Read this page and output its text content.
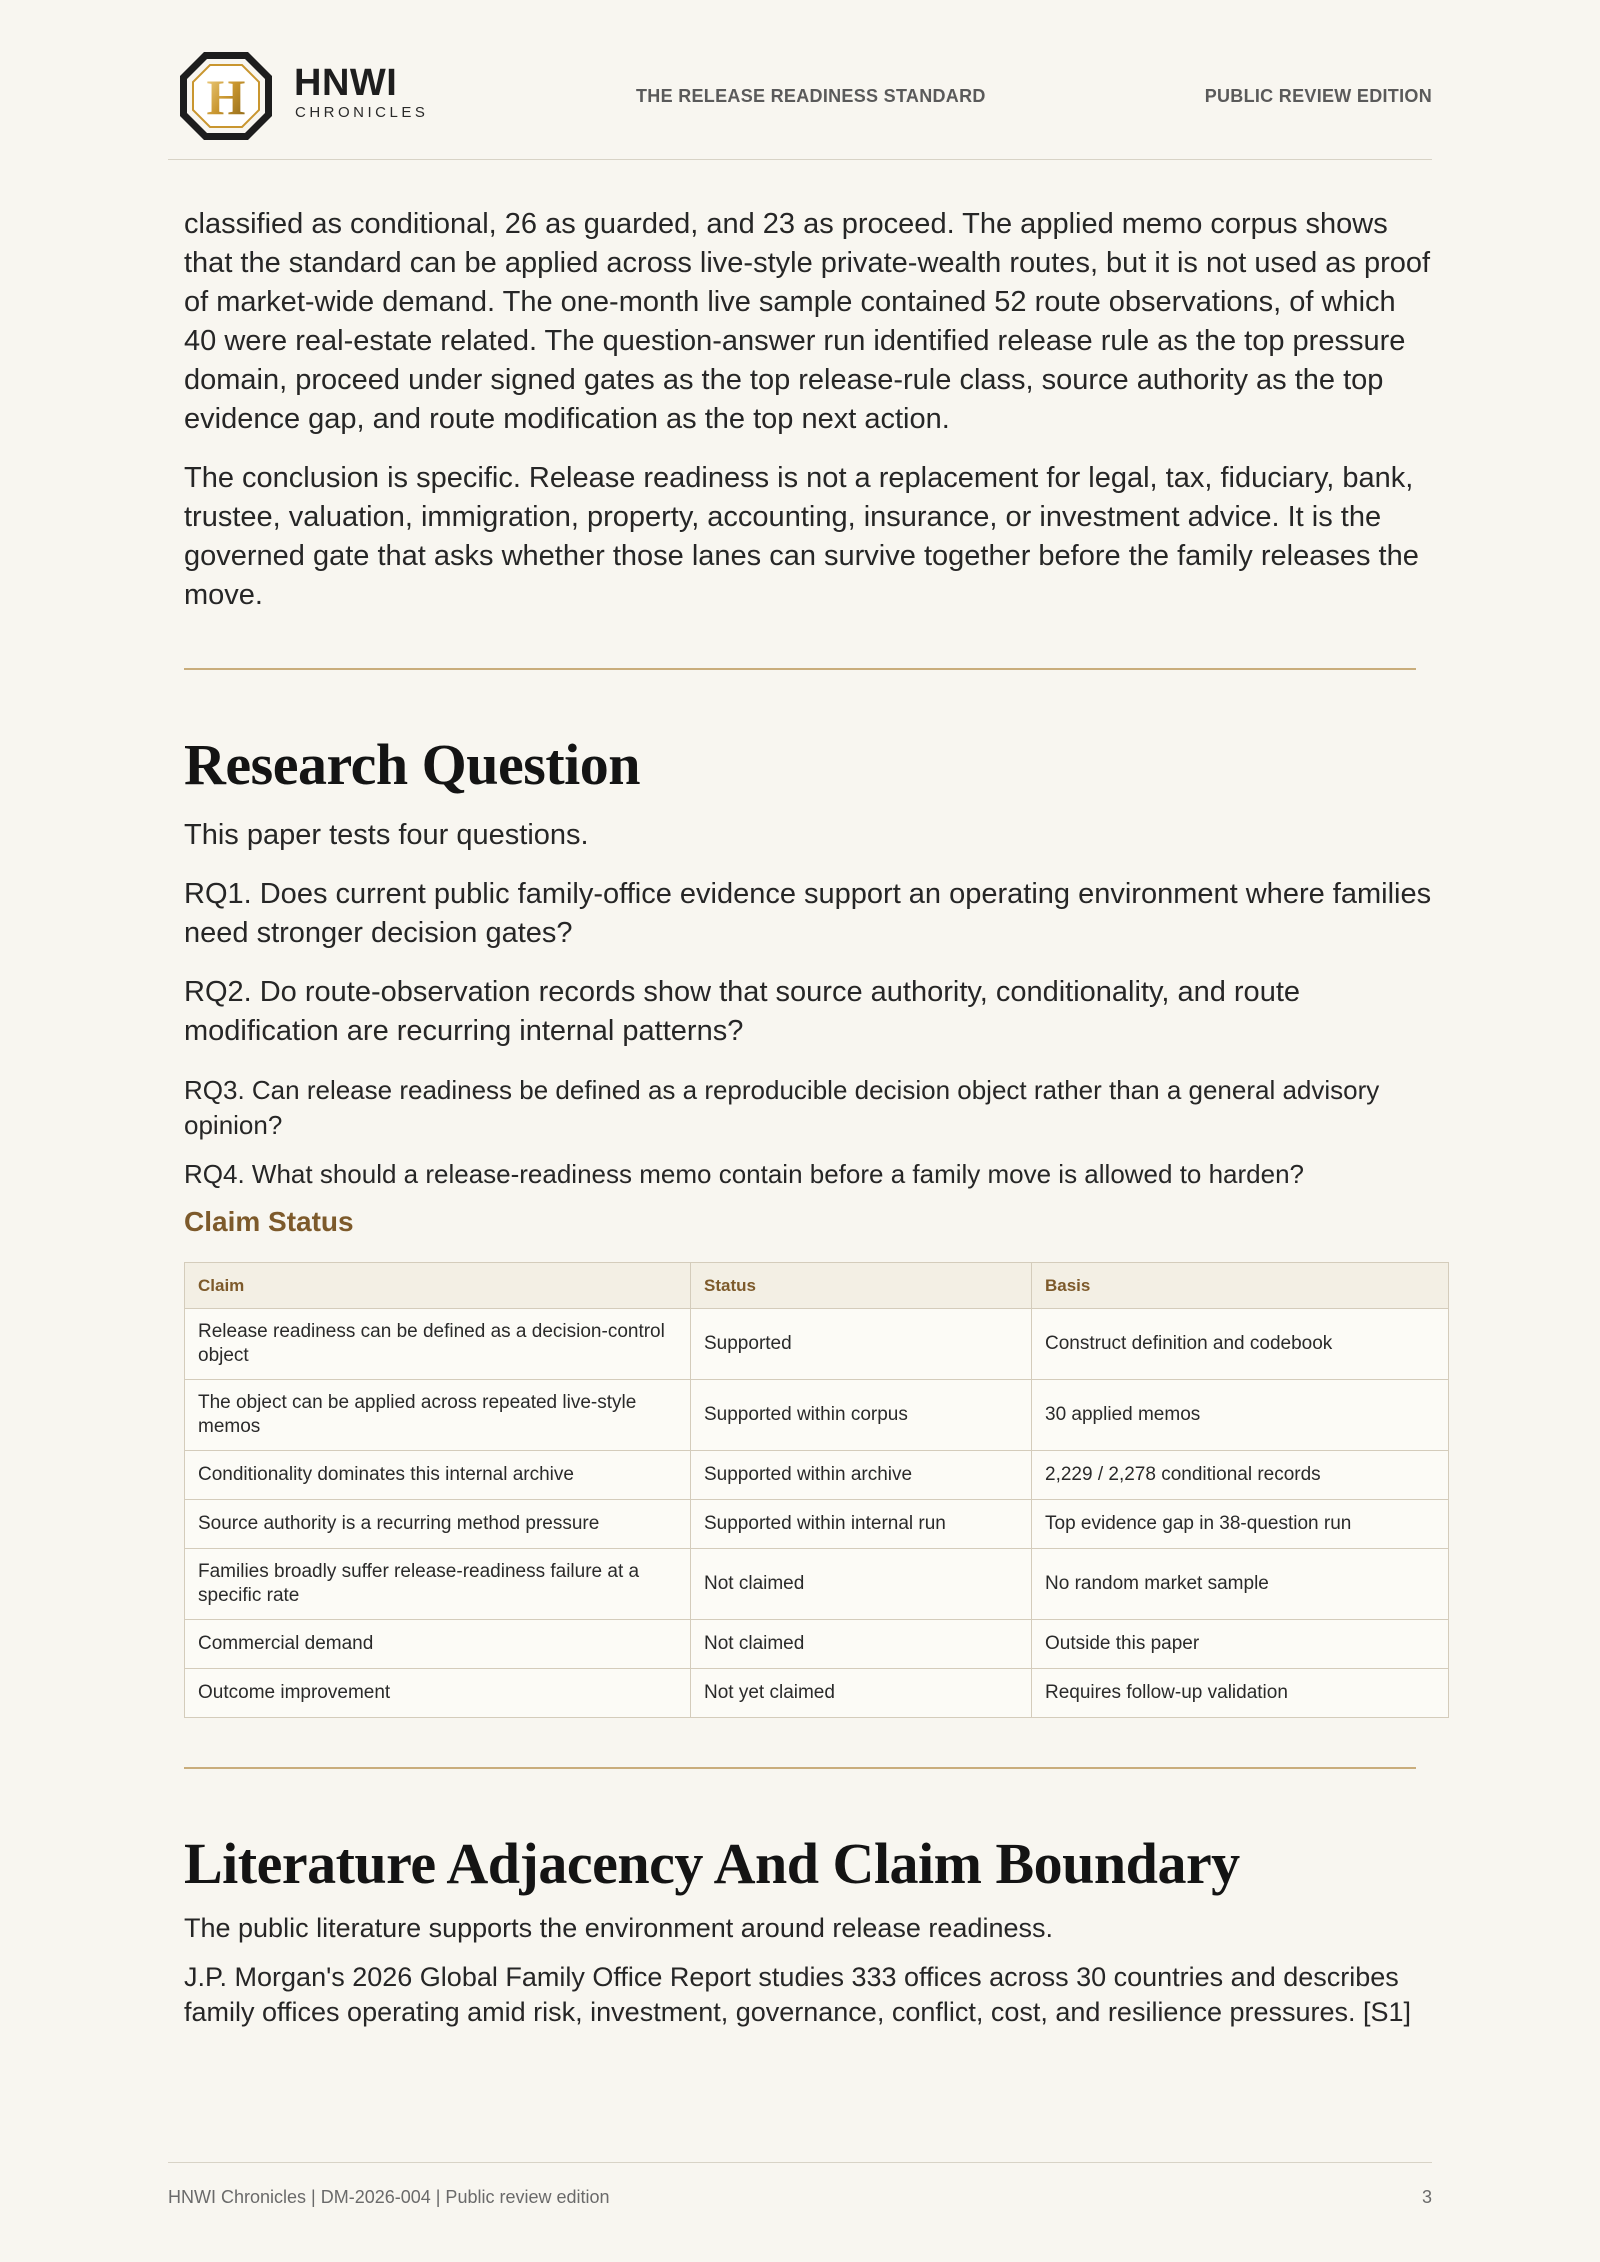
H HNWI
CHRONICLES
THE RELEASE READINESS STANDARD	PUBLIC REVIEW EDITION

classified as conditional, 26 as guarded, and 23 as proceed. The applied memo corpus shows that the standard can be applied across live-style private-wealth routes, but it is not used as proof of market-wide demand. The one-month live sample contained 52 route observations, of which 40 were real-estate related. The question-answer run identified release rule as the top pressure domain, proceed under signed gates as the top release-rule class, source authority as the top evidence gap, and route modification as the top next action.

The conclusion is specific. Release readiness is not a replacement for legal, tax, fiduciary, bank, trustee, valuation, immigration, property, accounting, insurance, or investment advice. It is the governed gate that asks whether those lanes can survive together before the family releases the move.

Research Question

This paper tests four questions.

RQ1. Does current public family-office evidence support an operating environment where families need stronger decision gates?

RQ2. Do route-observation records show that source authority, conditionality, and route modification are recurring internal patterns?

RQ3. Can release readiness be defined as a reproducible decision object rather than a general advisory opinion?

RQ4. What should a release-readiness memo contain before a family move is allowed to harden?

Claim Status
Claim	Status	Basis
Release readiness can be defined as a decision-control object	Supported	Construct definition and codebook
The object can be applied across repeated live-style memos	Supported within corpus	30 applied memos
Conditionality dominates this internal archive	Supported within archive	2,229 / 2,278 conditional records
Source authority is a recurring method pressure	Supported within internal run	Top evidence gap in 38-question run
Families broadly suffer release-readiness failure at a specific rate	Not claimed	No random market sample
Commercial demand	Not claimed	Outside this paper
Outcome improvement	Not yet claimed	Requires follow-up validation
Literature Adjacency And Claim Boundary

The public literature supports the environment around release readiness.

J.P. Morgan's 2026 Global Family Office Report studies 333 offices across 30 countries and describes family offices operating amid risk, investment, governance, conflict, cost, and resilience pressures. [S1]

HNWI Chronicles | DM-2026-004 | Public review edition	3
